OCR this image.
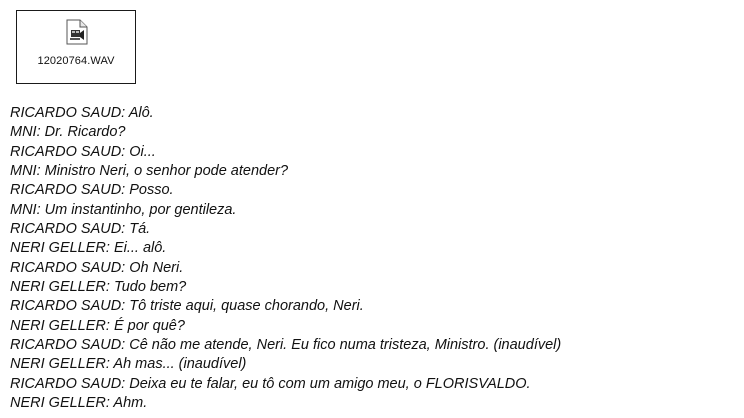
12020764.WAV
RICARDO SAUD: Alô.
MNI: Dr. Ricardo?
RICARDO SAUD: Oi...
MNI: Ministro Neri, o senhor pode atender?
RICARDO SAUD: Posso.
MNI: Um instantinho, por gentileza.
RICARDO SAUD: Tá.
NERI GELLER: Ei... alô.
RICARDO SAUD: Oh Neri.
NERI GELLER: Tudo bem?
RICARDO SAUD: Tô triste aqui, quase chorando, Neri.
NERI GELLER: É por quê?
RICARDO SAUD: Cê não me atende, Neri. Eu fico numa tristeza, Ministro. (inaudível)
NERI GELLER: Ah mas... (inaudível)
RICARDO SAUD: Deixa eu te falar, eu tô com um amigo meu, o FLORISVALDO.
NERI GELLER: Ahm.
